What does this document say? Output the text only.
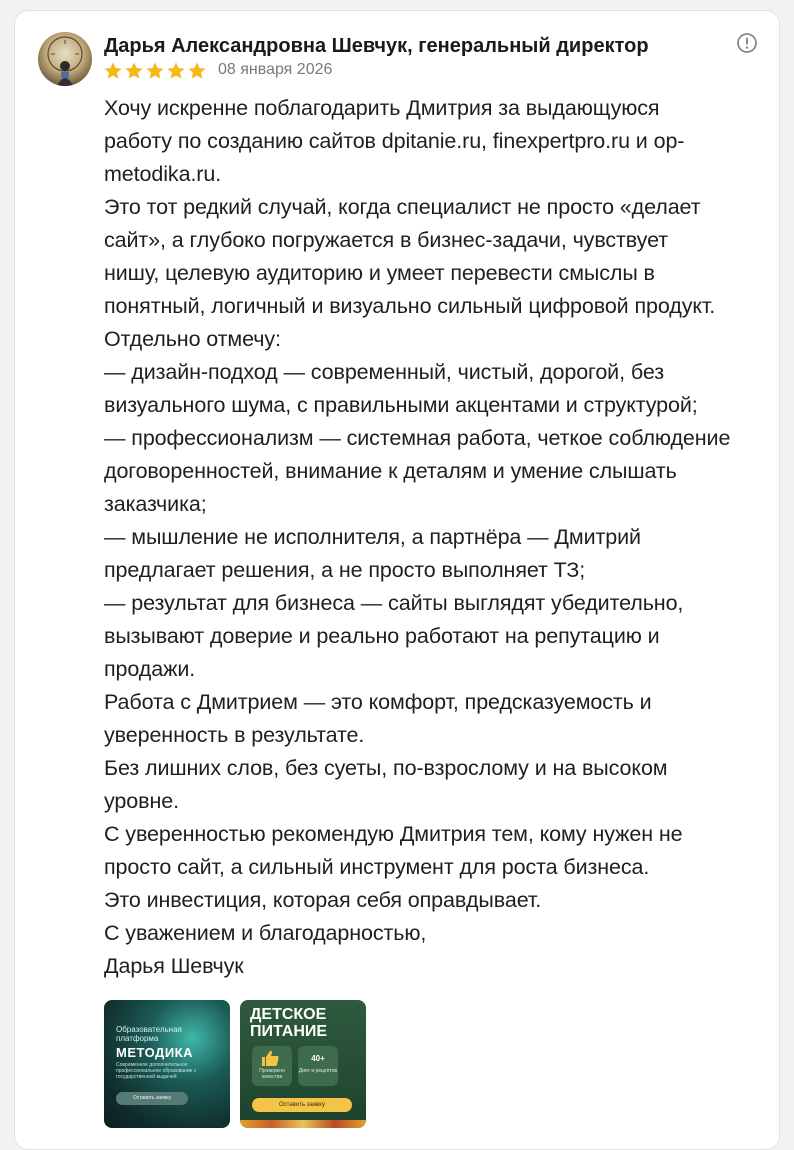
Дарья Александровна Шевчук, генеральный директор
08 января 2026
Хочу искренне поблагодарить Дмитрия за выдающуюся
работу по созданию сайтов dpitanie.ru, finexpertpro.ru и op-
metodika.ru.
Это тот редкий случай, когда специалист не просто «делает
сайт», а глубоко погружается в бизнес-задачи, чувствует
нишу, целевую аудиторию и умеет перевести смыслы в
понятный, логичный и визуально сильный цифровой продукт.
Отдельно отмечу:
— дизайн-подход — современный, чистый, дорогой, без
визуального шума, с правильными акцентами и структурой;
— профессионализм — системная работа, четкое соблюдение
договоренностей, внимание к деталям и умение слышать
заказчика;
— мышление не исполнителя, а партнёра — Дмитрий
предлагает решения, а не просто выполняет ТЗ;
— результат для бизнеса — сайты выглядят убедительно,
вызывают доверие и реально работают на репутацию и
продажи.
Работа с Дмитрием — это комфорт, предсказуемость и
уверенность в результате.
Без лишних слов, без суеты, по-взрослому и на высоком
уровне.
С уверенностью рекомендую Дмитрия тем, кому нужен не
просто сайт, а сильный инструмент для роста бизнеса.
Это инвестиция, которая себя оправдывает.
С уважением и благодарностью,
Дарья Шевчук
Образовательная платформа
МЕТОДИКА
Современное дополнительное профессиональное образование с государственной выдачей
Оставить заявку
ДЕТСКОЕ
ПИТАНИЕ
Проверено качества
40+
Диет и рецептов
Оставить заявку
